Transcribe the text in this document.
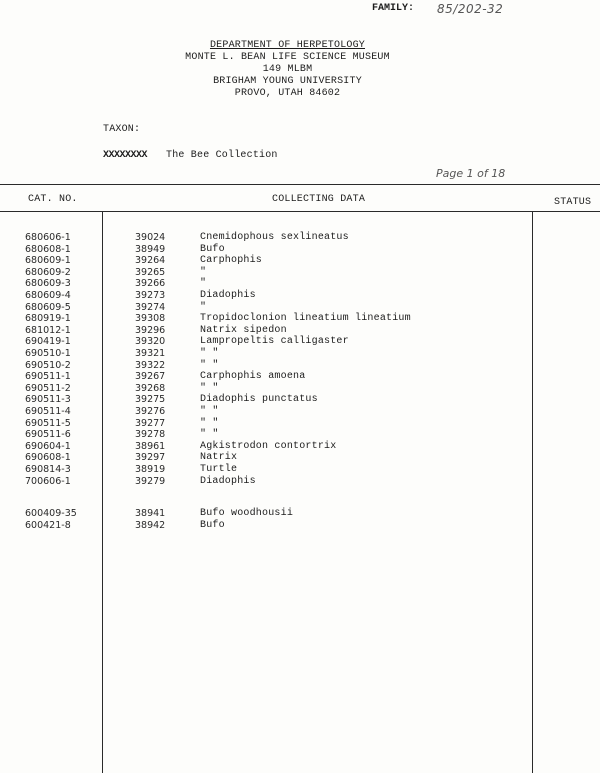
FAMILY: 85/202-32
DEPARTMENT OF HERPETOLOGY
MONTE L. BEAN LIFE SCIENCE MUSEUM
149 MLBM
BRIGHAM YOUNG UNIVERSITY
PROVO, UTAH 84602
TAXON:
XXXXXXXX The Bee Collection
Page 1 of 18
CAT. NO.	COLLECTING DATA	STATUS
680606-1	39024	Cnemidophous sexlineatus
680608-1	38949	Bufo
680609-1	39264	Carphophis
680609-2	39265	"
680609-3	39266	"
680609-4	39273	Diadophis
680609-5	39274	"
680919-1	39308	Tropidoclonion lineatium lineatium
681012-1	39296	Natrix sipedon
690419-1	39320	Lampropeltis calligaster
690510-1	39321	" "
690510-2	39322	" "
690511-1	39267	Carphophis amoena
690511-2	39268	" "
690511-3	39275	Diadophis punctatus
690511-4	39276	" "
690511-5	39277	" "
690511-6	39278	" "
690604-1	38961	Agkistrodon contortrix
690608-1	39297	Natrix
690814-3	38919	Turtle
700606-1	39279	Diadophis
600409-35	38941	Bufo woodhousii
600421-8	38942	Bufo
